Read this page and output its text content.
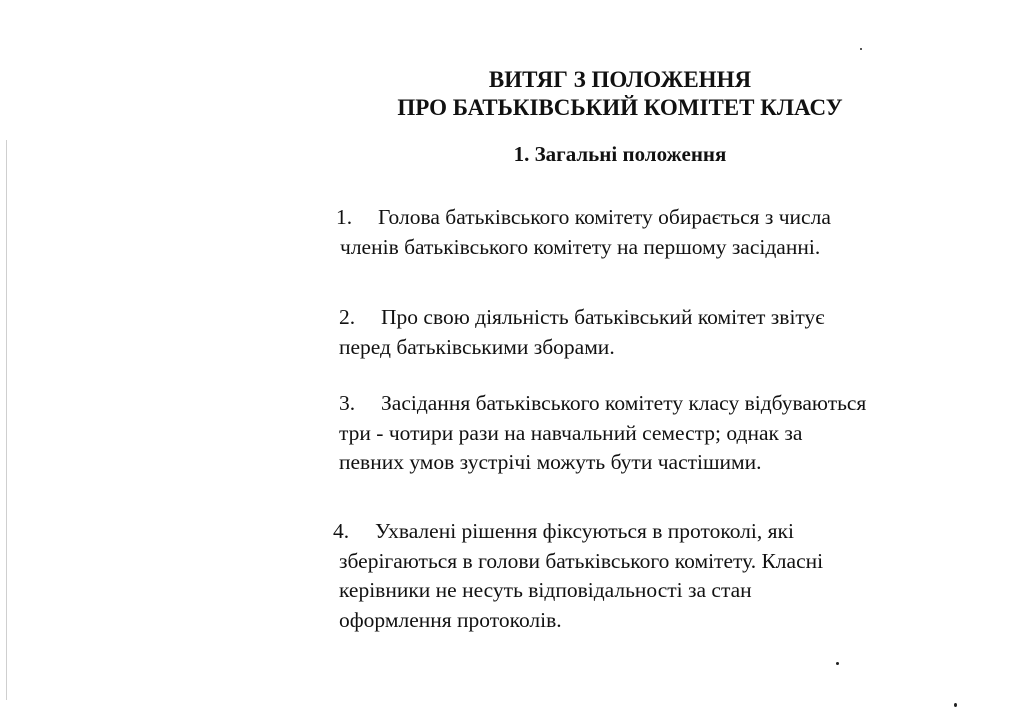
ВИТЯГ З ПОЛОЖЕННЯ
ПРО БАТЬКІВСЬКИЙ КОМІТЕТ КЛАСУ
1. Загальні положення
1. Голова батьківського комітету обирається з числа
членів батьківського комітету на першому засіданні.
2. Про свою діяльність батьківський комітет звітує
перед батьківськими зборами.
3. Засідання батьківського комітету класу відбуваються
три - чотири рази на навчальний семестр; однак за
певних умов зустрічі можуть бути частішими.
4. Ухвалені рішення фіксуються в протоколі, які
зберігаються в голови батьківського комітету. Класні
керівники не несуть відповідальності за стан
оформлення протоколів.
